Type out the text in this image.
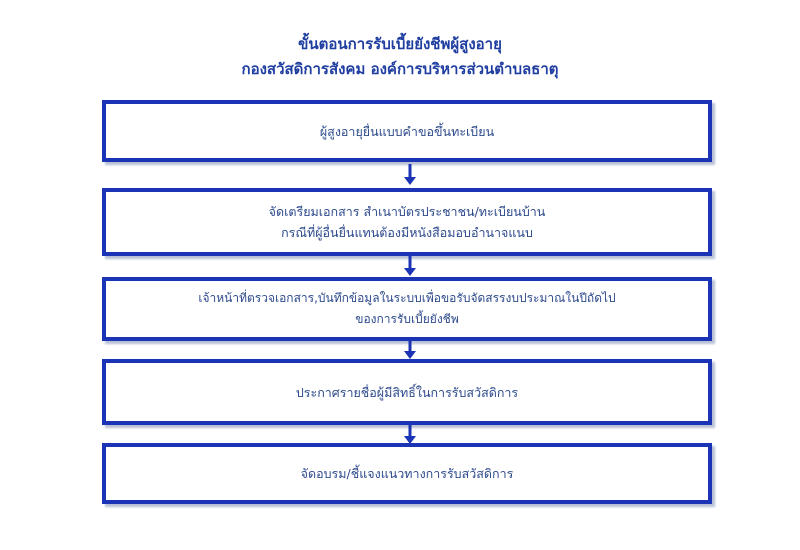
ขั้นตอนการรับเบี้ยยังชีพผู้สูงอายุ
กองสวัสดิการสังคม องค์การบริหารส่วนตำบลธาตุ
ผู้สูงอายุยื่นแบบคำขอขึ้นทะเบียน
จัดเตรียมเอกสาร สำเนาบัตรประชาชน/ทะเบียนบ้าน
กรณีที่ผู้อื่นยื่นแทนต้องมีหนังสือมอบอำนาจแนบ
เจ้าหน้าที่ตรวจเอกสาร,บันทึกข้อมูลในระบบเพื่อขอรับจัดสรรงบประมาณในปีถัดไป
ของการรับเบี้ยยังชีพ
ประกาศรายชื่อผู้มีสิทธิ์ในการรับสวัสดิการ
จัดอบรม/ชี้แจงแนวทางการรับสวัสดิการ
